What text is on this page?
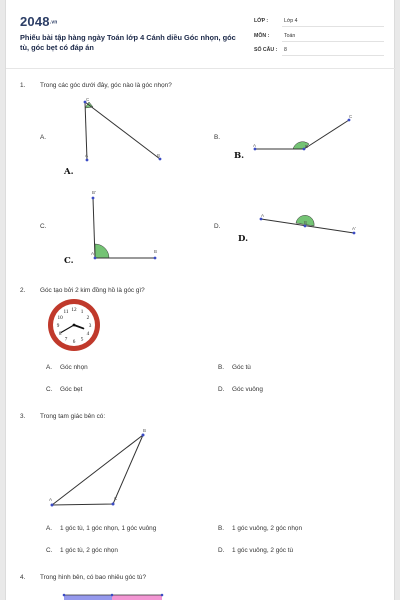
2048.vn
Phiếu bài tập hàng ngày Toán lớp 4 Cánh diều Góc nhọn, góc tù, góc bẹt có đáp án
LỚP :	Lớp 4
MÔN :	Toán
SỐ CÂU : 8
1. Trong các góc dưới đây, góc nào là góc nhọn?
A.	B.
C.	D.
C
A	B
A.
A	B
C
B.
B'
A	B
C.
A
B
A'
D.
2. Góc tạo bởi 2 kim đồng hồ là góc gì?
12 1
2
3
4
5
6
7
8
9
10
11
A. Góc nhọn	B. Góc tù
C. Góc bẹt	D. Góc vuông
3. Trong tam giác bên có:
A
B
C
A. 1 góc tù, 1 góc nhọn, 1 góc vuông	B. 1 góc vuông, 2 góc nhọn
C. 1 góc tù, 2 góc nhọn	D. 1 góc vuông, 2 góc tù
4. Trong hình bên, có bao nhiêu góc tù?
